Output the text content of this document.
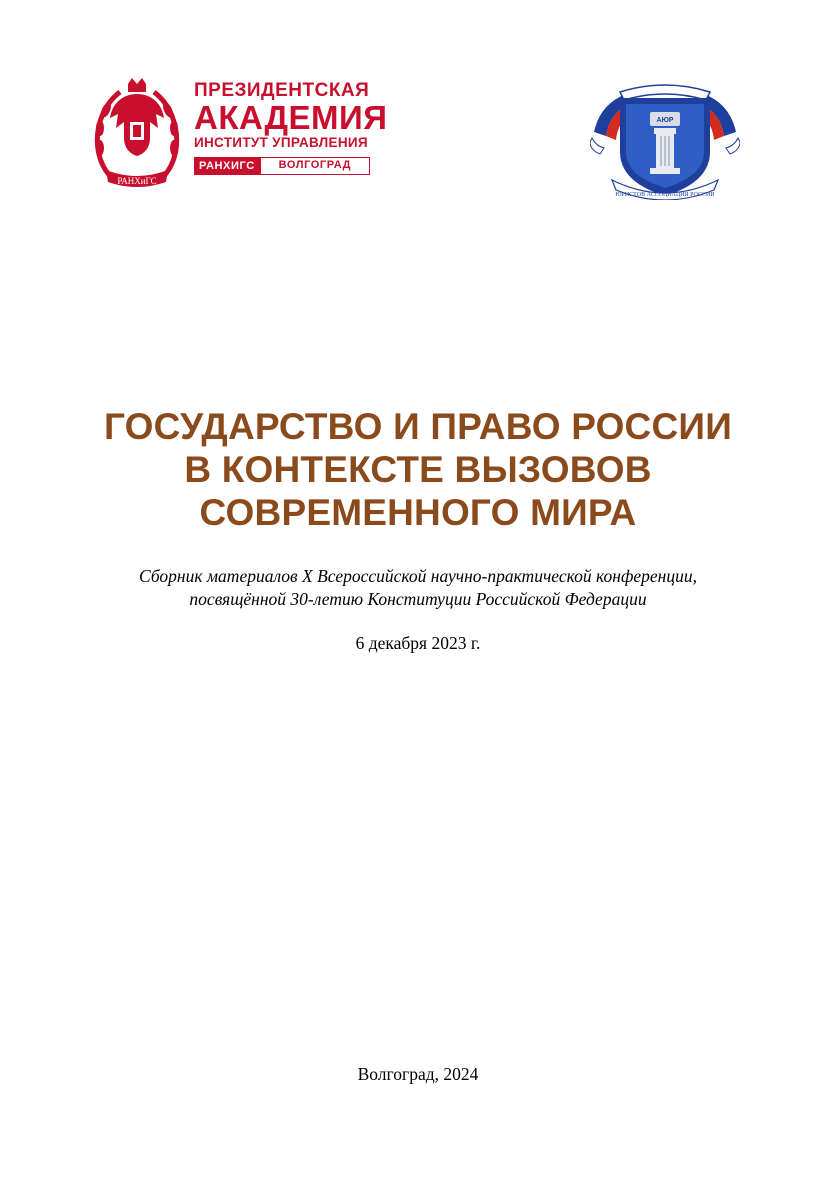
РАНХиГС

ПРЕЗИДЕНТСКАЯ

АКАДЕМИЯ

ИНСТИТУТ УПРАВЛЕНИЯ

РАНХИГС	ВОЛГОГРАД
АЮР
ЮРИСТОВ АССОЦИАЦИЯ РОССИИ

ГОСУДАРСТВО И ПРАВО РОССИИ

В КОНТЕКСТЕ ВЫЗОВОВ

СОВРЕМЕННОГО МИРА

Сборник материалов X Всероссийской научно-практической конференции,
посвящённой 30-летию Конституции Российской Федерации
6 декабря 2023 г.
Волгоград, 2024
